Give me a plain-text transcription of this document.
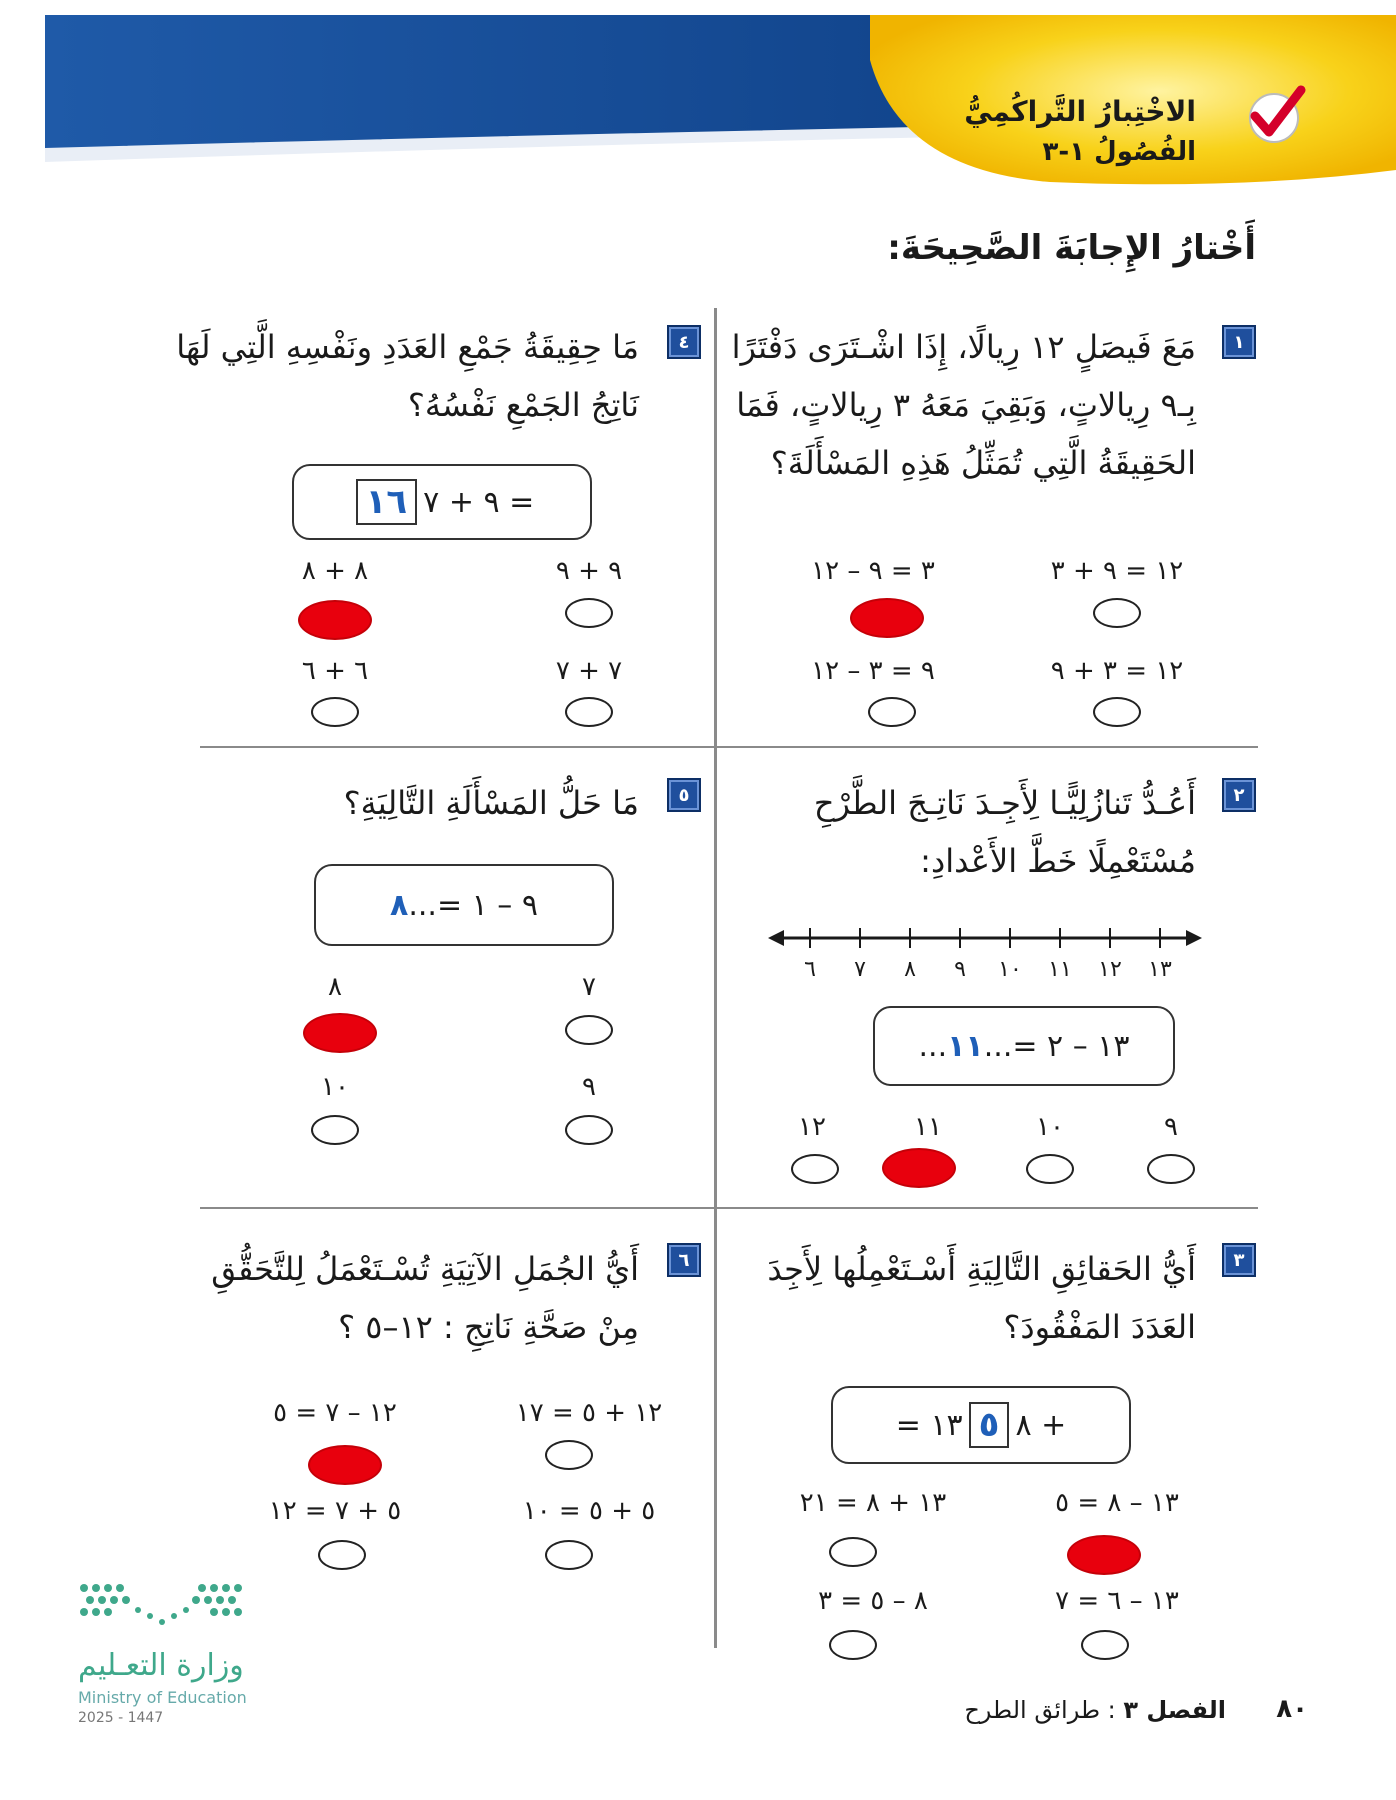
الاخْتِبارُ التَّراكُمِيُّ
الفُصُولُ ١-٣
أَخْتارُ الإِجابَةَ الصَّحِيحَةَ:
١
مَعَ فَيصَلٍ ١٢ رِيالًا، إِذَا اشْـتَرَى دَفْتَرًا
بِـ٩ رِيالاتٍ، وَبَقِيَ مَعَهُ ٣ رِيالاتٍ، فَمَا
الحَقِيقَةُ الَّتِي تُمَثِّلُ هَذِهِ المَسْأَلَةَ؟
١٢ = ٩ + ٣
٣ = ٩ – ١٢
١٢ = ٣ + ٩
٩ = ٣ – ١٢
٤
مَا حِقِيقَةُ جَمْعِ العَدَدِ ونَفْسِهِ الَّتِي لَهَا
نَاتِجُ الجَمْعِ نَفْسُهُ؟
١٦ ٩ + ٧ =
٩ + ٩
٨ + ٨
٧ + ٧
٦ + ٦
٢
أَعُـدُّ تَنازُلِيًّـا لِأَجِـدَ نَاتِـجَ الطَّرْحِ
مُسْتَعْمِلًا خَطَّ الأَعْدادِ:
١٣
١٢
١١
١٠
٩
٨
٧
٦
... ١١ ... ١٣ – ٢ =
٩
١٠
١١
١٢
٥
مَا حَلُّ المَسْأَلَةِ التَّالِيَةِ؟
٨ ... ٩ – ١ =
٧
٨
٩
١٠
٣
أَيُّ الحَقائِقِ التَّالِيَةِ أَسْـتَعْمِلُها لِأَجِدَ
العَدَدَ المَفْقُودَ؟
= ١٣ ٥ ٨ +
١٣ – ٨ = ٥
١٣ + ٨ = ٢١
١٣ – ٦ = ٧
٨ – ٥ = ٣
٦
أَيُّ الجُمَلِ الآتِيَةِ تُسْـتَعْمَلُ لِلتَّحَقُّقِ
مِنْ صَحَّةِ نَاتِجِ : ١٢–٥ ؟
١٢ + ٥ = ١٧
١٢ – ٧ = ٥
٥ + ٥ = ١٠
٥ + ٧ = ١٢
وزارة التعـليم
Ministry of Education
2025 - 1447	٨٠
الفصل ٣ : طرائق الطرح
